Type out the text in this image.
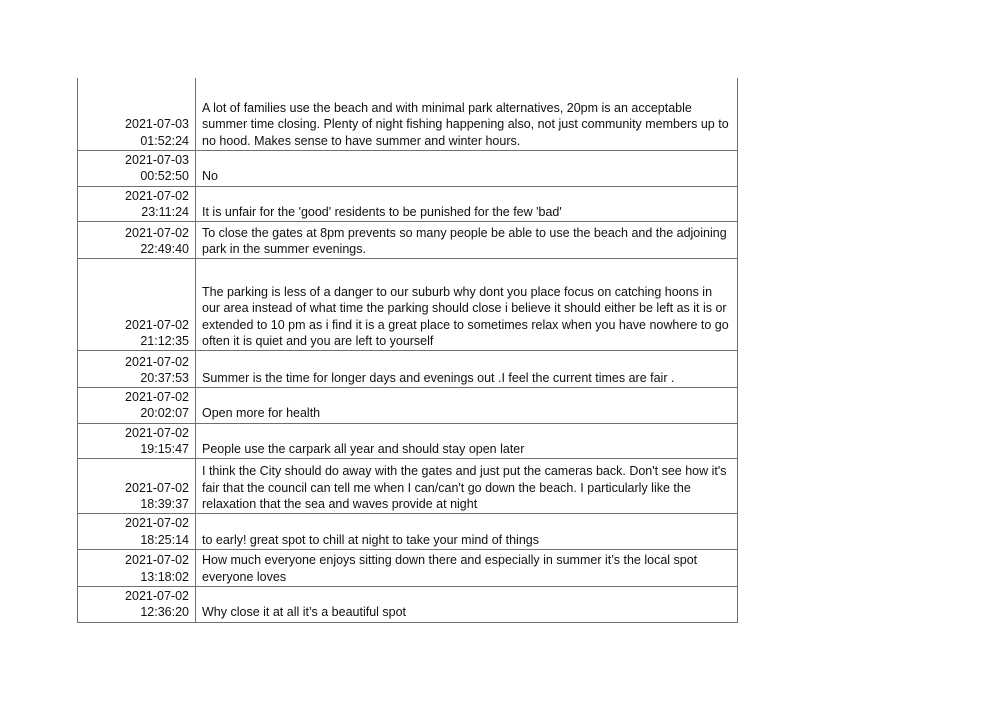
2021-07-03
01:52:24	A lot of families use the beach and with minimal park alternatives, 20pm is an acceptable summer time closing. Plenty of night fishing happening also, not just community members up to no hood. Makes sense to have summer and winter hours.

2021-07-03
00:52:50	No

2021-07-02
23:11:24	It is unfair for the 'good' residents to be punished for the few 'bad'

2021-07-02
22:49:40	To close the gates at 8pm prevents so many people be able to use the beach and the adjoining park in the summer evenings.

2021-07-02
21:12:35	The parking is less of a danger to our suburb why dont you place focus on catching hoons in our area instead of what time the parking should close i believe it should either be left as it is or extended to 10 pm as i find it is a great place to sometimes relax when you have nowhere to go often it is quiet and you are left to yourself

2021-07-02
20:37:53	Summer is the time for longer days and evenings out .I feel the current times are fair .

2021-07-02
20:02:07	Open more for health

2021-07-02
19:15:47	People use the carpark all year and should stay open later

2021-07-02
18:39:37	I think the City should do away with the gates and just put the cameras back. Don't see how it's fair that the council can tell me when I can/can't go down the beach. I particularly like the relaxation that the sea and waves provide at night

2021-07-02
18:25:14	to early! great spot to chill at night to take your mind of things

2021-07-02
13:18:02	How much everyone enjoys sitting down there and especially in summer it’s the local spot everyone loves

2021-07-02
12:36:20	Why close it at all it’s a beautiful spot
